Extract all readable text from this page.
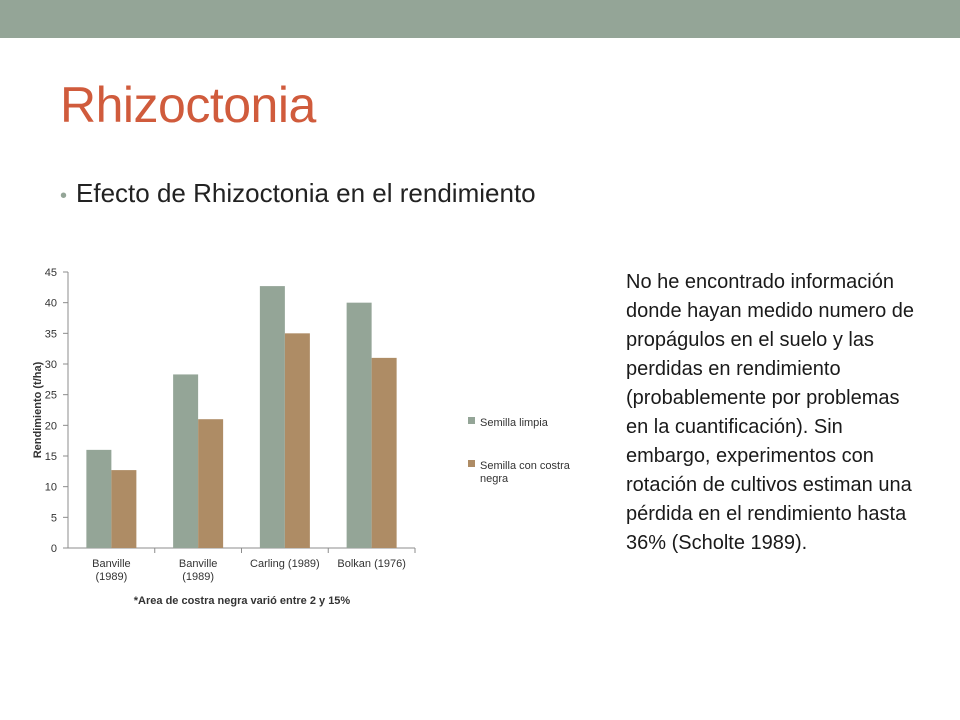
Rhizoctonia
• Efecto de Rhizoctonia en el rendimiento
0
5
10
15
20
25
30
35
40
45
Rendimiento (t/ha)
Banville
(1989)
Banville
(1989)
Carling (1989) Bolkan (1976)
*Area de costra negra varió entre 2 y 15%
Semilla limpia
Semilla con costra
negra

No he encontrado información donde hayan medido numero de propágulos en el suelo y las perdidas en rendimiento (probablemente por problemas en la cuantificación). Sin embargo, experimentos con rotación de cultivos estiman una pérdida en el rendimiento hasta 36% (Scholte 1989).
